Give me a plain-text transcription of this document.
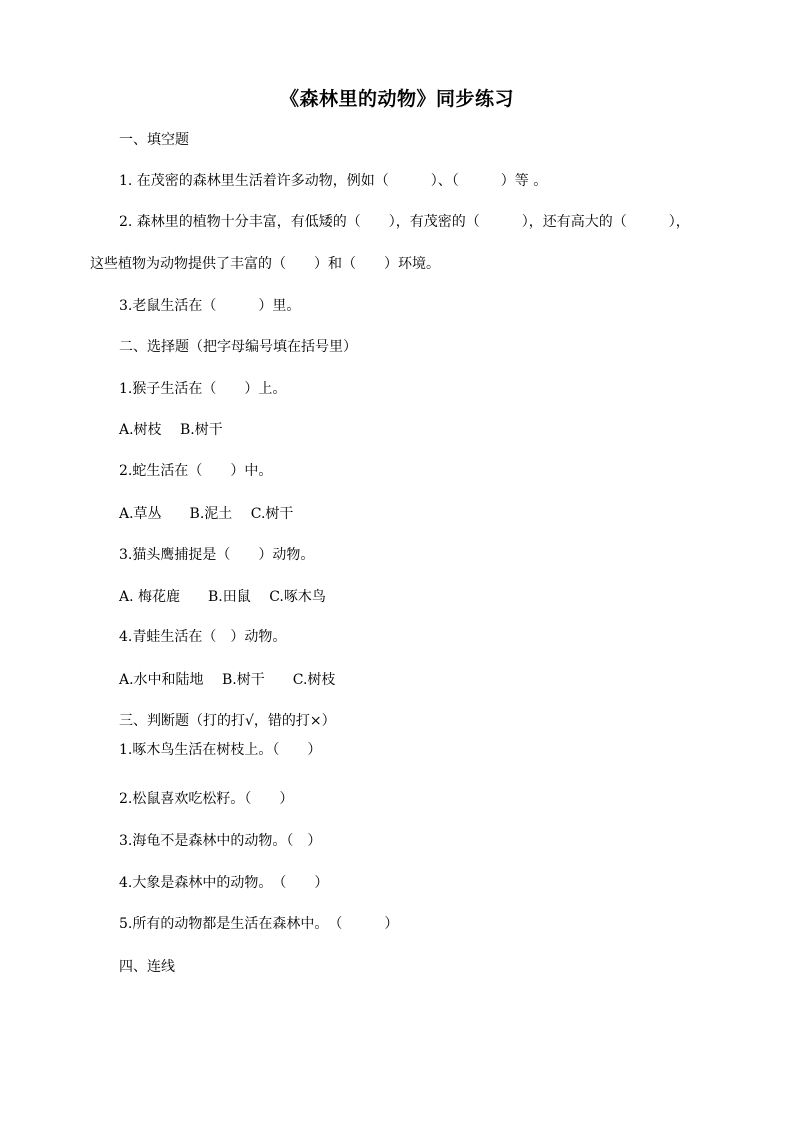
《森林里的动物》同步练习
一、填空题
1. 在茂密的森林里生活着许多动物，例如（　　　）、（　　　）等 。
2. 森林里的植物十分丰富，有低矮的（　　），有茂密的（　　　），还有高大的（　　　），
这些植物为动物提供了丰富的（　　）和（　　）环境。
3.老鼠生活在（　　　）里。
二、选择题（把字母编号填在括号里）
1.猴子生活在（　　）上。
A.树枝　 B.树干
2.蛇生活在（　　）中。
A.草丛　　B.泥土　 C.树干
3.猫头鹰捕捉是（　　）动物。
A. 梅花鹿　　B.田鼠　 C.啄木鸟
4.青蛙生活在（　）动物。
A.水中和陆地　 B.树干　　C.树枝
三、判断题（打的打√，错的打×）
1.啄木鸟生活在树枝上。（　　）
2.松鼠喜欢吃松籽。（　　）
3.海龟不是森林中的动物。（　）
4.大象是森林中的动物。　（　　）
5.所有的动物都是生活在森林中。　（　　　）
四、连线
